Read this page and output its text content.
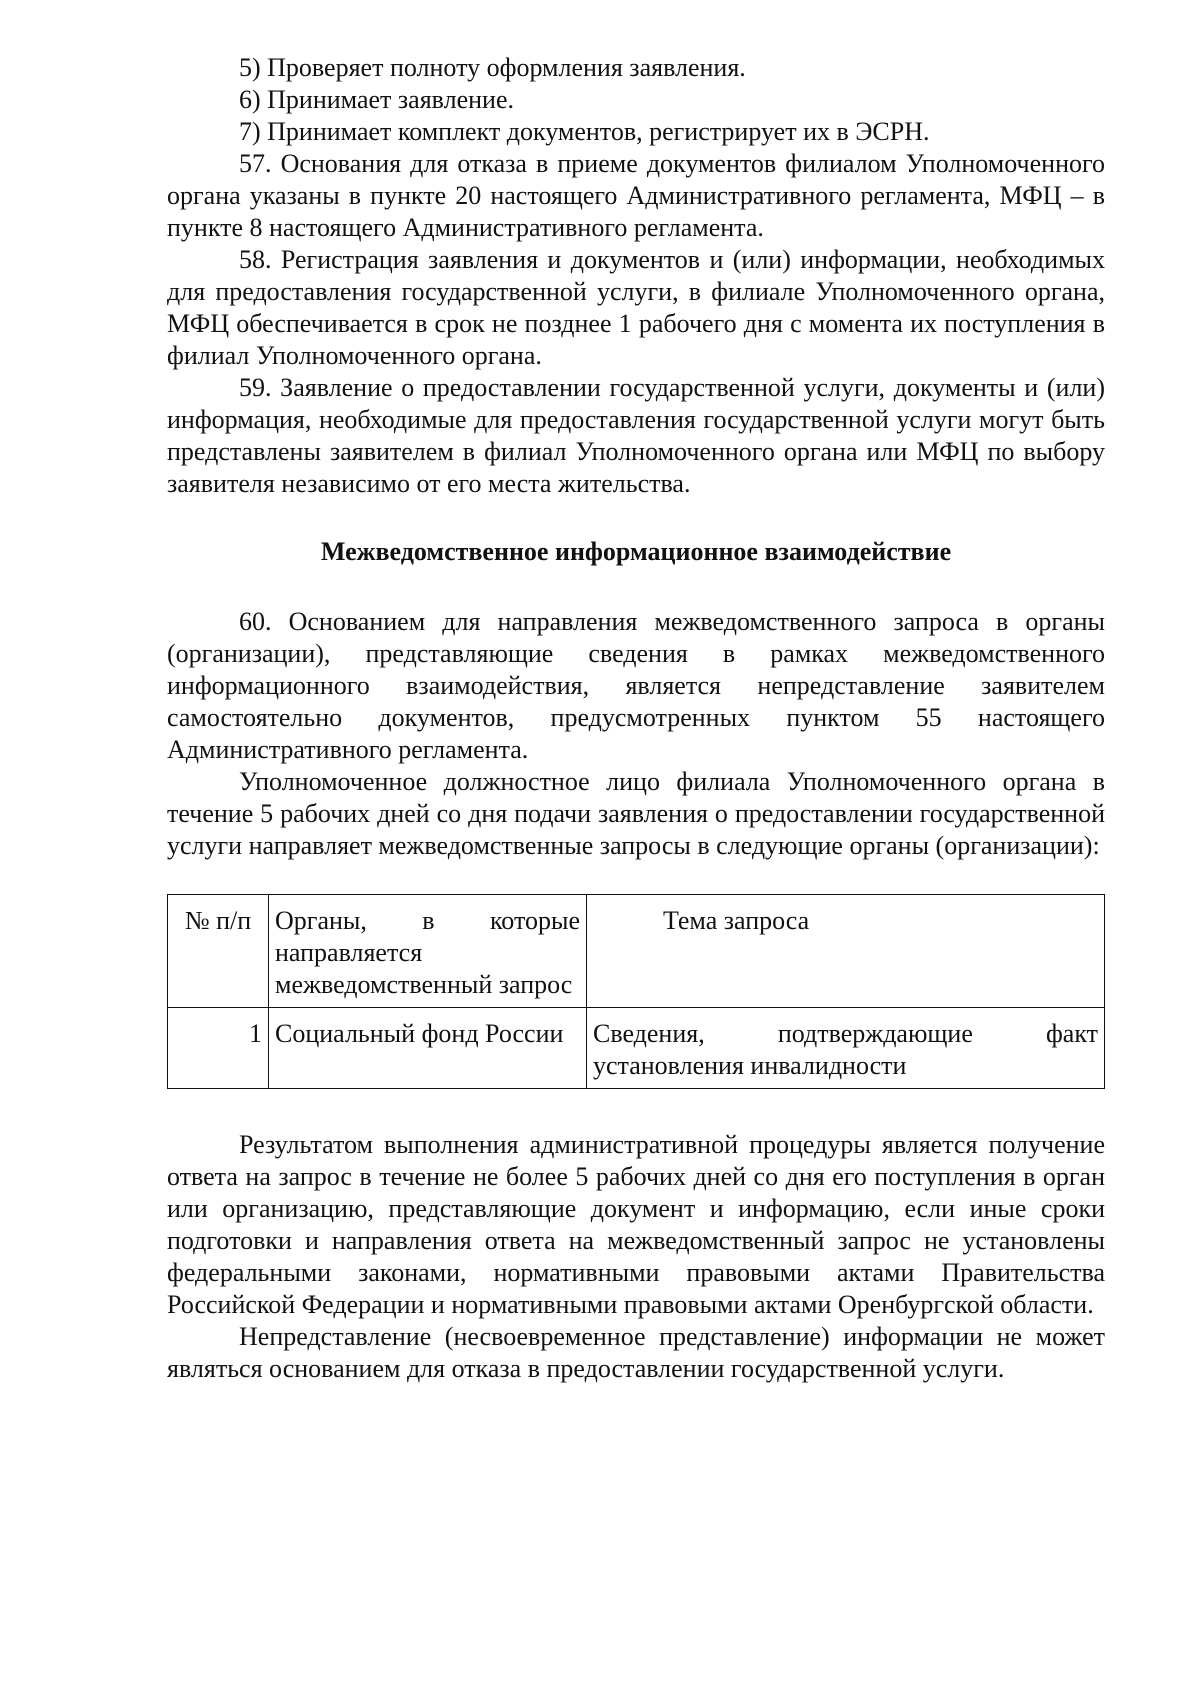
5) Проверяет полноту оформления заявления.

6) Принимает заявление.

7) Принимает комплект документов, регистрирует их в ЭСРН.

57. Основания для отказа в приеме документов филиалом Уполномоченного органа указаны в пункте 20 настоящего Административного регламента, МФЦ – в пункте 8 настоящего Административного регламента.

58. Регистрация заявления и документов и (или) информации, необходимых для предоставления государственной услуги, в филиале Уполномоченного органа, МФЦ обеспечивается в срок не позднее 1 рабочего дня с момента их поступления в филиал Уполномоченного органа.

59. Заявление о предоставлении государственной услуги, документы и (или) информация, необходимые для предоставления государственной услуги могут быть представлены заявителем в филиал Уполномоченного органа или МФЦ по выбору заявителя независимо от его места жительства.

Межведомственное информационное взаимодействие

60. Основанием для направления межведомственного запроса в органы (организации), представляющие сведения в рамках межведомственного информационного взаимодействия, является непредставление заявителем самостоятельно документов, предусмотренных пунктом 55 настоящего Административного регламента.

Уполномоченное должностное лицо филиала Уполномоченного органа в течение 5 рабочих дней со дня подачи заявления о предоставлении государственной услуги направляет межведомственные запросы в следующие органы (организации):

№ п/п	Органы, в которые направляется межведомственный запрос	Тема запроса
1	Социальный фонд России	Сведения, подтверждающие факт установления инвалидности

Результатом выполнения административной процедуры является получение ответа на запрос в течение не более 5 рабочих дней со дня его поступления в орган или организацию, представляющие документ и информацию, если иные сроки подготовки и направления ответа на межведомственный запрос не установлены федеральными законами, нормативными правовыми актами Правительства Российской Федерации и нормативными правовыми актами Оренбургской области.

Непредставление (несвоевременное представление) информации не может являться основанием для отказа в предоставлении государственной услуги.
